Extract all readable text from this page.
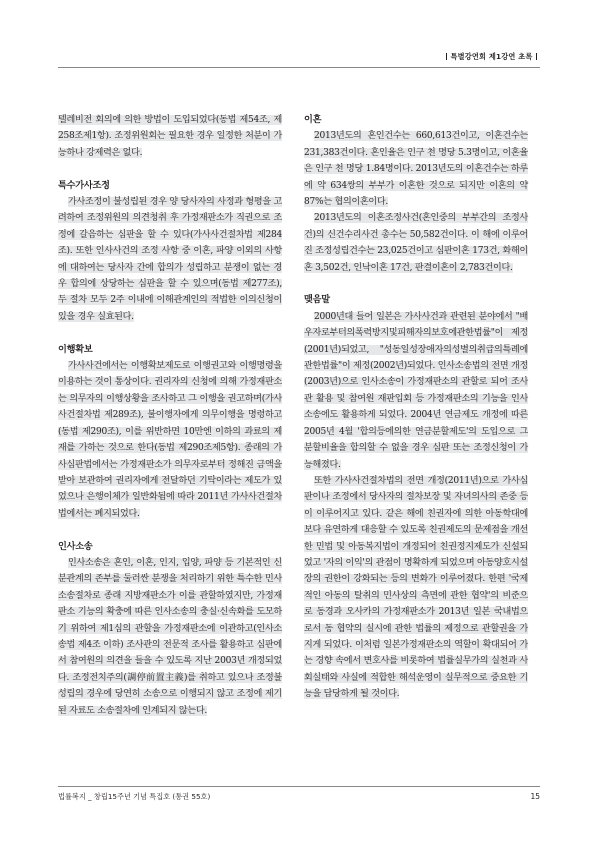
특별강연회 제1강연 초록

텔레비전 회의에 의한 방법이 도입되었다(동법 제54조, 제258조제1항). 조정위원회는 필요한 경우 일정한 처분이 가능하나 강제력은 없다.

특수가사조정

가사조정이 불성립된 경우 양 당사자의 사정과 형평을 고려하여 조정위원의 의견청취 후 가정재판소가 직권으로 조정에 갈음하는 심판을 할 수 있다(가사사건절차법 제284조). 또한 인사사건의 조정 사항 중 이혼, 파양 이외의 사항에 대하여는 당사자 간에 합의가 성립하고 분쟁이 없는 경우 합의에 상당하는 심판을 할 수 있으며(동법 제277조), 두 절차 모두 2주 이내에 이해관계인의 적법한 이의신청이 있을 경우 실효된다.

이행확보

가사사건에서는 이행확보제도로 이행권고와 이행명령을 이용하는 것이 통상이다. 권리자의 신청에 의해 가정재판소는 의무자의 이행상황을 조사하고 그 이행을 권고하며(가사사건절차법 제289조), 불이행자에게 의무이행을 명령하고(동법 제290조), 이를 위반하면 10만엔 이하의 과료의 제재를 가하는 것으로 한다(동법 제290조제5항). 종래의 가사심판법에서는 가정재판소가 의무자로부터 정해진 금액을 받아 보관하여 권리자에게 전달하던 기탁이라는 제도가 있었으나 은행이체가 일반화됨에 따라 2011년 가사사건절차법에서는 폐지되었다.

인사소송

인사소송은 혼인, 이혼, 인지, 입양, 파양 등 기본적인 신분관계의 존부를 둘러싼 분쟁을 처리하기 위한 특수한 민사소송절차로 종래 지방재판소가 이를 관할하였지만, 가정재판소 기능의 확충에 따른 인사소송의 충실·신속화를 도모하기 위하여 제1심의 관할을 가정재판소에 이관하고(인사소송법 제4조 이하) 조사관의 전문적 조사를 활용하고 심판에서 참여원의 의견을 들을 수 있도록 지난 2003년 개정되었다. 조정전치주의(調停前置主義)를 취하고 있으나 조정불성립의 경우에 당연히 소송으로 이행되지 않고 조정에 제기된 자료도 소송절차에 인계되지 않는다.

이혼

2013년도의 혼인건수는 660,613건이고, 이혼건수는 231,383건이다. 혼인율은 인구 천 명당 5.3명이고, 이혼율은 인구 천 명당 1.84명이다. 2013년도의 이혼건수는 하루에 약 634쌍의 부부가 이혼한 것으로 되지만 이혼의 약 87%는 협의이혼이다.

2013년도의 이혼조정사건(혼인중의 부부간의 조정사건)의 신건수리사건 총수는 50,582건이다. 이 해에 이루어진 조정성립건수는 23,025건이고 심판이혼 173건, 화해이혼 3,502건, 인낙이혼 17건, 판결이혼이 2,783건이다.

맺음말

2000년대 들어 일본은 가사사건과 관련된 분야에서 "배우자로부터의폭력방지및피해자의보호에관한법률"이 제정(2001년)되었고, "성동일성장애자의성별의취급의특례에관한법률"이 제정(2002년)되었다. 인사소송법의 전면 개정(2003년)으로 인사소송이 가정재판소의 관할로 되어 조사관 활용 및 참여원 재판입회 등 가정재판소의 기능을 인사소송에도 활용하게 되었다. 2004년 연금제도 개정에 따른 2005년 4월 '합의등에의한 연금분할제도'의 도입으로 그 분할비율을 합의할 수 없을 경우 심판 또는 조정신청이 가능해졌다.

또한 가사사건절차법의 전면 개정(2011년)으로 가사심판이나 조정에서 당사자의 절차보장 및 자녀의사의 존중 등이 이루어지고 있다. 같은 해에 친권자에 의한 아동학대에 보다 유연하게 대응할 수 있도록 친권제도의 문제점을 개선한 민법 및 아동복지법이 개정되어 친권정지제도가 신설되었고 '자의 이익'의 관점이 명확하게 되었으며 아동양호시설장의 권한이 강화되는 등의 변화가 이루어졌다. 한편 '국제적인 아동의 탈취의 민사상의 측면에 관한 협약'의 비준으로 동경과 오사카의 가정재판소가 2013년 일본 국내법으로서 동 협약의 실시에 관한 법률의 제정으로 관할권을 가지게 되었다. 이처럼 일본가정재판소의 역할이 확대되어 가는 경향 속에서 변호사를 비롯하여 법률실무가의 실천과 사회실태와 사실에 적합한 해석운영이 실무적으로 중요한 기능을 담당하게 될 것이다.

법률복지 _ 창립15주년 기념 특집호 (통권 55호)	15
